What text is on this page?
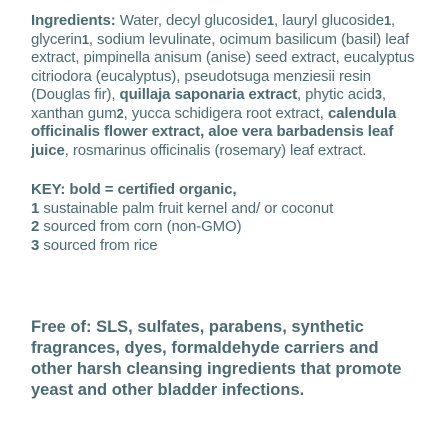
Ingredients: Water, decyl glucoside1, lauryl glucoside1, glycerin1, sodium levulinate, ocimum basilicum (basil) leaf extract, pimpinella anisum (anise) seed extract, eucalyptus citriodora (eucalyptus), pseudotsuga menziesii resin (Douglas fir), quillaja saponaria extract, phytic acid3, xanthan gum2, yucca schidigera root extract, calendula officinalis flower extract, aloe vera barbadensis leaf juice, rosmarinus officinalis (rosemary) leaf extract.

KEY: bold = certified organic,

1 sustainable palm fruit kernel and/ or coconut

2 sourced from corn (non-GMO)

3 sourced from rice

Free of: SLS, sulfates, parabens, synthetic fragrances, dyes, formaldehyde carriers and other harsh cleansing ingredients that promote yeast and other bladder infections.
